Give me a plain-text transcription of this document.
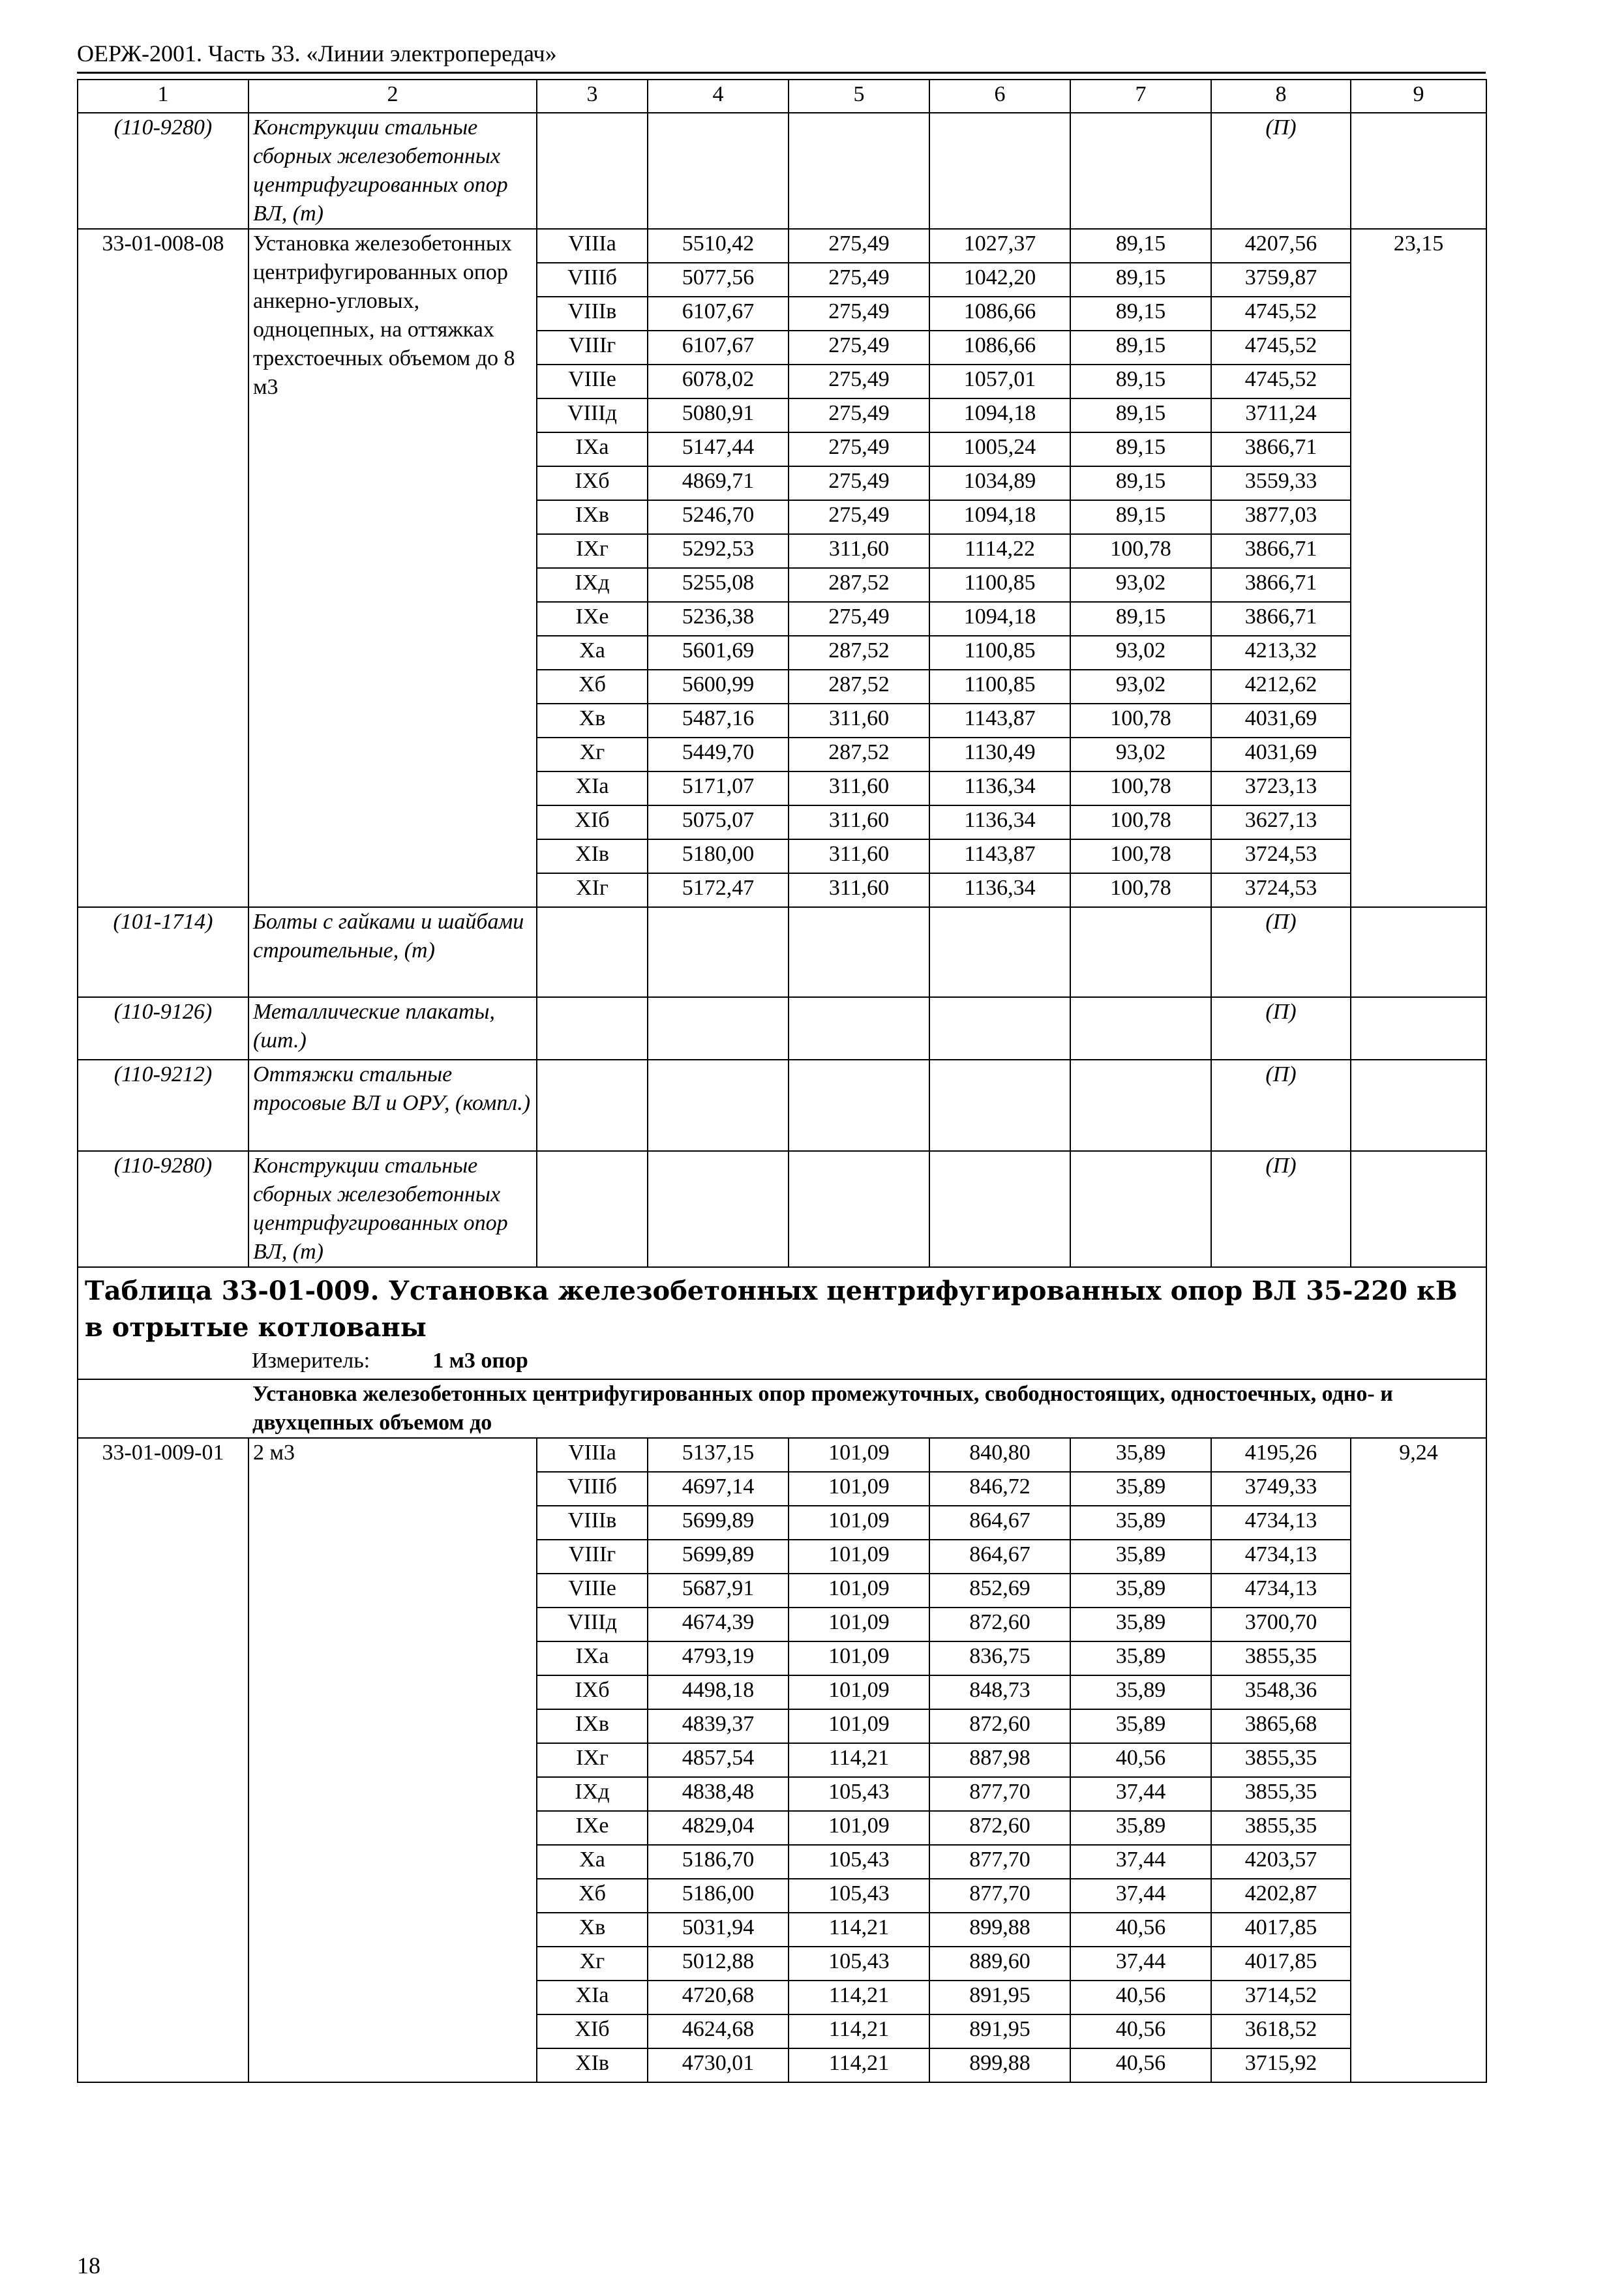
ОЕРЖ-2001. Часть 33. «Линии электропередач»
1	2	3	4	5	6	7	8	9
(110-9280)	Конструкции стальные сборных железобетонных центрифугированных опор ВЛ, (т)						(П)	
33-01-008-08	Установка железобетонных центрифугированных опор анкерно-угловых, одноцепных, на оттяжках трехстоечных объемом до 8 м3	VIIIа	5510,42	275,49	1027,37	89,15	4207,56	23,15
		VIIIб	5077,56	275,49	1042,20	89,15	3759,87	
		VIIIв	6107,67	275,49	1086,66	89,15	4745,52	
		VIIIг	6107,67	275,49	1086,66	89,15	4745,52	
		VIIIе	6078,02	275,49	1057,01	89,15	4745,52	
		VIIIд	5080,91	275,49	1094,18	89,15	3711,24	
		IXа	5147,44	275,49	1005,24	89,15	3866,71	
		IXб	4869,71	275,49	1034,89	89,15	3559,33	
		IXв	5246,70	275,49	1094,18	89,15	3877,03	
		IXг	5292,53	311,60	1114,22	100,78	3866,71	
		IXд	5255,08	287,52	1100,85	93,02	3866,71	
		IXе	5236,38	275,49	1094,18	89,15	3866,71	
		Xа	5601,69	287,52	1100,85	93,02	4213,32	
		Xб	5600,99	287,52	1100,85	93,02	4212,62	
		Xв	5487,16	311,60	1143,87	100,78	4031,69	
		Xг	5449,70	287,52	1130,49	93,02	4031,69	
		XIа	5171,07	311,60	1136,34	100,78	3723,13	
		XIб	5075,07	311,60	1136,34	100,78	3627,13	
		XIв	5180,00	311,60	1143,87	100,78	3724,53	
		XIг	5172,47	311,60	1136,34	100,78	3724,53	
(101-1714)	Болты с гайками и шайбами строительные, (т)						(П)	
(110-9126)	Металлические плакаты, (шт.)						(П)	
(110-9212)	Оттяжки стальные тросовые ВЛ и ОРУ, (компл.)						(П)	
(110-9280)	Конструкции стальные сборных железобетонных центрифугированных опор ВЛ, (т)						(П)	

Таблица 33-01-009. Установка железобетонных центрифугированных опор ВЛ 35-220 кВ в отрытые котлованы
Измеритель: 1 м3 опор								

	Установка железобетонных центрифугированных опор промежуточных, свободностоящих, одностоечных, одно- и двухцепных объемом до							
33-01-009-01	2 м3	VIIIа	5137,15	101,09	840,80	35,89	4195,26	9,24
		VIIIб	4697,14	101,09	846,72	35,89	3749,33	
		VIIIв	5699,89	101,09	864,67	35,89	4734,13	
		VIIIг	5699,89	101,09	864,67	35,89	4734,13	
		VIIIе	5687,91	101,09	852,69	35,89	4734,13	
		VIIIд	4674,39	101,09	872,60	35,89	3700,70	
		IXа	4793,19	101,09	836,75	35,89	3855,35	
		IXб	4498,18	101,09	848,73	35,89	3548,36	
		IXв	4839,37	101,09	872,60	35,89	3865,68	
		IXг	4857,54	114,21	887,98	40,56	3855,35	
		IXд	4838,48	105,43	877,70	37,44	3855,35	
		IXе	4829,04	101,09	872,60	35,89	3855,35	
		Xа	5186,70	105,43	877,70	37,44	4203,57	
		Xб	5186,00	105,43	877,70	37,44	4202,87	
		Xв	5031,94	114,21	899,88	40,56	4017,85	
		Xг	5012,88	105,43	889,60	37,44	4017,85	
		XIа	4720,68	114,21	891,95	40,56	3714,52	
		XIб	4624,68	114,21	891,95	40,56	3618,52	
		XIв	4730,01	114,21	899,88	40,56	3715,92	
18
